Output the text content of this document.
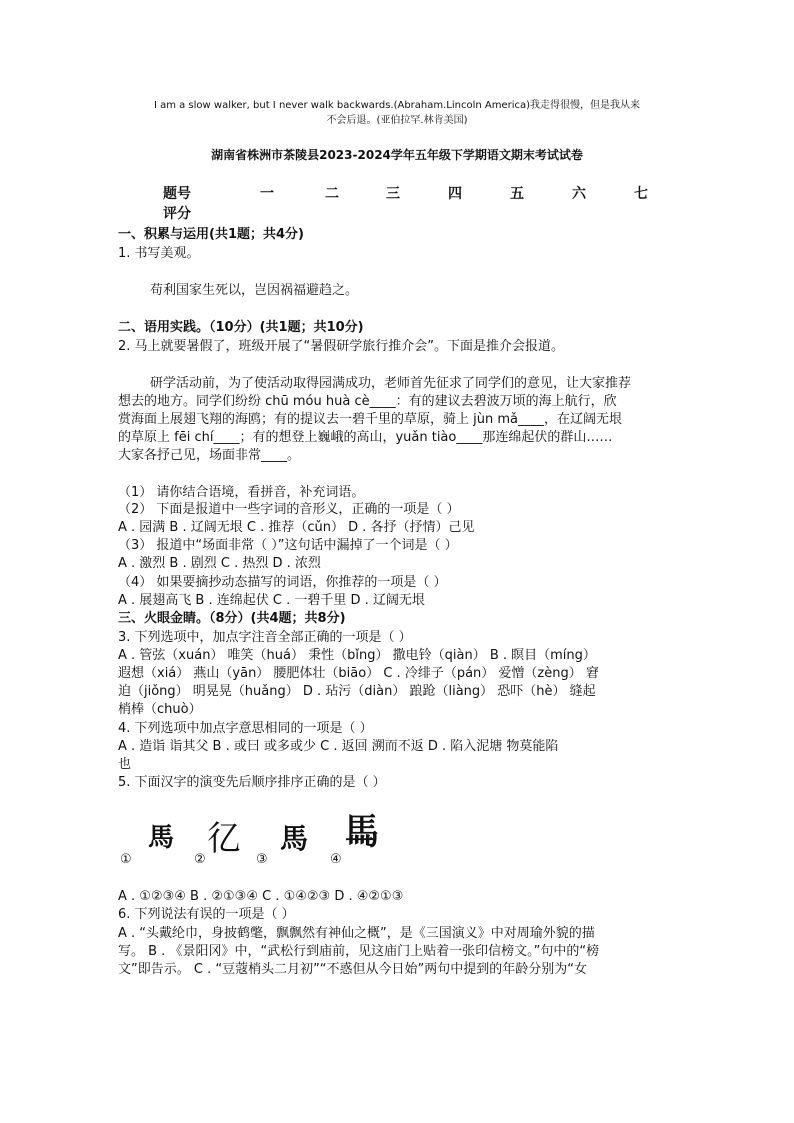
I am a slow walker, but I never walk backwards.(Abraham.Lincoln America)我走得很慢，但是我从来
不会后退。(亚伯拉罕.林肯美国)
湖南省株洲市茶陵县2023-2024学年五年级下学期语文期末考试试卷
题号	一	二	三	四	五	六	七
评分
一、积累与运用(共1题；共4分)
1. 书写美观。
苟利国家生死以，岂因祸福避趋之。
二、语用实践。（10分）(共1题；共10分)
2. 马上就要暑假了，班级开展了“暑假研学旅行推介会”。下面是推介会报道。
研学活动前，为了使活动取得园满成功，老师首先征求了同学们的意见，让大家推荐
想去的地方。同学们纷纷 chū móu huà cè____：有的建议去碧波万顷的海上航行，欣
赏海面上展翅飞翔的海鸥；有的提议去一碧千里的草原，骑上 jùn mǎ____，在辽阔无垠
的草原上 fēi chí____；有的想登上巍峨的高山，yuǎn tiào____那连绵起伏的群山……
大家各抒己见，场面非常____。
（1） 请你结合语境，看拼音，补充词语。
（2） 下面是报道中一些字词的音形义，正确的一项是（ ）
A . 园满 B . 辽阔无垠 C . 推荐（cǔn） D . 各抒（抒情）己见
（3） 报道中“场面非常（ ）”这句话中漏掉了一个词是（ ）
A . 激烈 B . 剧烈 C . 热烈 D . 浓烈
（4） 如果要摘抄动态描写的词语，你推荐的一项是（ ）
A . 展翅高飞 B . 连绵起伏 C . 一碧千里 D . 辽阔无垠
三、火眼金睛。（8分）(共4题；共8分)
3. 下列选项中，加点字注音全部正确的一项是（ ）
A . 管弦（xuán） 唯笑（huá） 秉性（bǐng） 撒电铃（qiàn） B . 瞑目（míng）
遐想（xiá） 燕山（yān） 腰肥体壮（biāo） C . 冷绯子（pán） 爱憎（zèng） 窘
迫（jiǒng） 明晃晃（huǎng） D . 玷污（diàn） 踉跄（liàng） 恐吓（hè） 缝起
梢棒（chuò）
4. 下列选项中加点字意思相同的一项是（ ）
A . 造诣 诣其父 B . 或曰 或多或少 C . 返回 溯而不返 D . 陷入泥塘 物莫能陷
也
5. 下面汉字的演变先后顺序排序正确的是（ ）
馬 𢒼 馬 𩡧
①	②	③	④
A . ①②③④ B . ②①③④ C . ①④②③ D . ④②①③
6. 下列说法有误的一项是（ ）
A . “头戴纶巾，身披鹤氅，飘飘然有神仙之概”，是《三国演义》中对周瑜外貌的描
写。 B . 《景阳冈》中，“武松行到庙前，见这庙门上贴着一张印信榜文。”句中的“榜
文”即告示。 C . “豆蔻梢头二月初”“不惑但从今日始”两句中提到的年龄分别为“女
